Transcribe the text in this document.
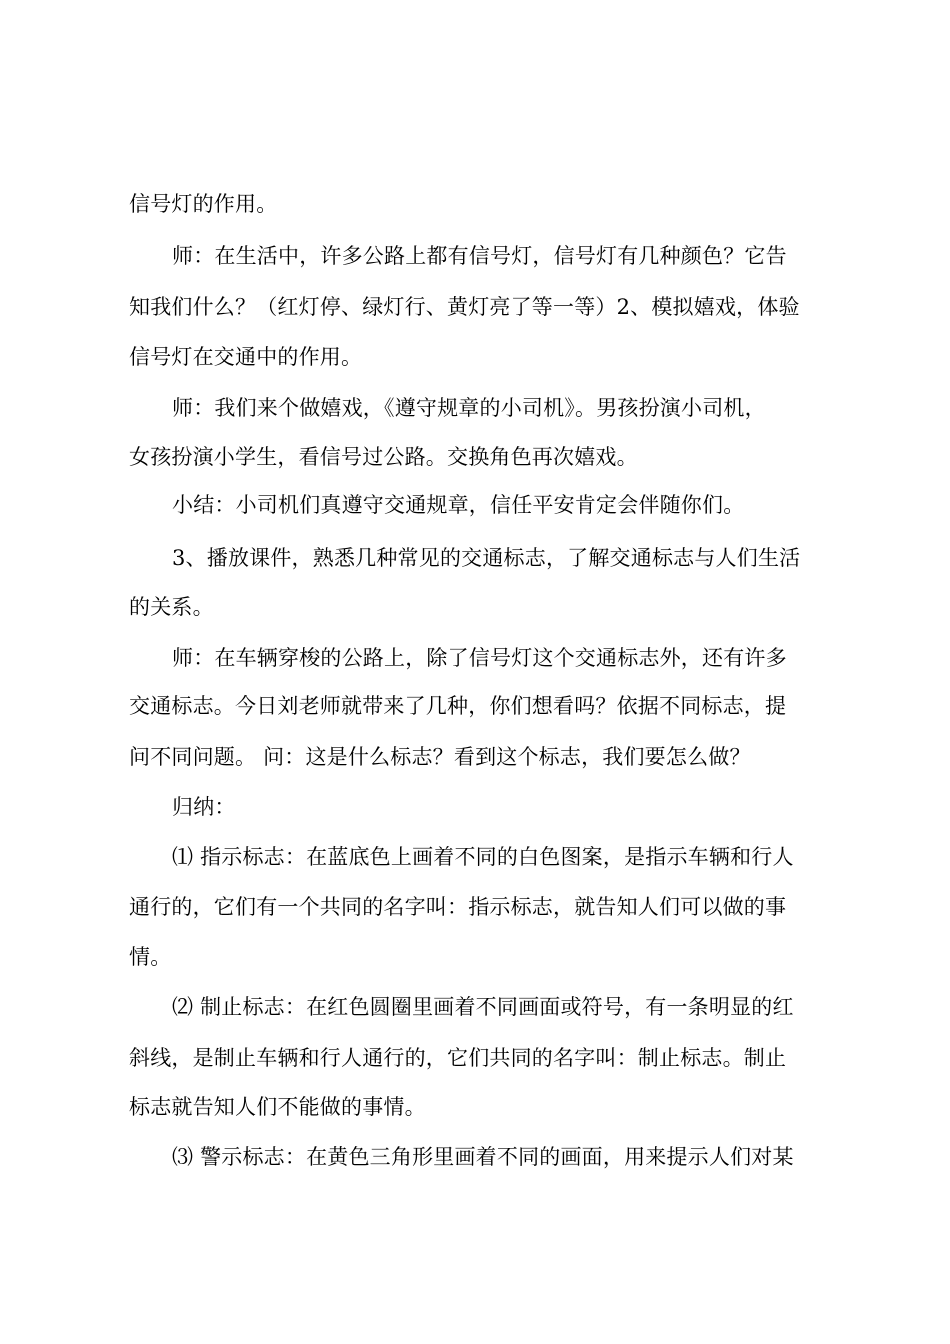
信号灯的作用。
师：在生活中，许多公路上都有信号灯，信号灯有几种颜色？它告
知我们什么？（红灯停、绿灯行、黄灯亮了等一等）2、模拟嬉戏，体验
信号灯在交通中的作用。
师：我们来个做嬉戏，《遵守规章的小司机》。男孩扮演小司机，
女孩扮演小学生，看信号过公路。交换角色再次嬉戏。
小结：小司机们真遵守交通规章，信任平安肯定会伴随你们。
3、播放课件，熟悉几种常见的交通标志，了解交通标志与人们生活
的关系。
师：在车辆穿梭的公路上，除了信号灯这个交通标志外，还有许多
交通标志。今日刘老师就带来了几种，你们想看吗？依据不同标志，提
问不同问题。 问：这是什么标志？看到这个标志，我们要怎么做？
归纳：
⑴ 指示标志：在蓝底色上画着不同的白色图案，是指示车辆和行人
通行的，它们有一个共同的名字叫：指示标志，就告知人们可以做的事
情。
⑵ 制止标志：在红色圆圈里画着不同画面或符号，有一条明显的红
斜线，是制止车辆和行人通行的，它们共同的名字叫：制止标志。制止
标志就告知人们不能做的事情。
⑶ 警示标志：在黄色三角形里画着不同的画面，用来提示人们对某
